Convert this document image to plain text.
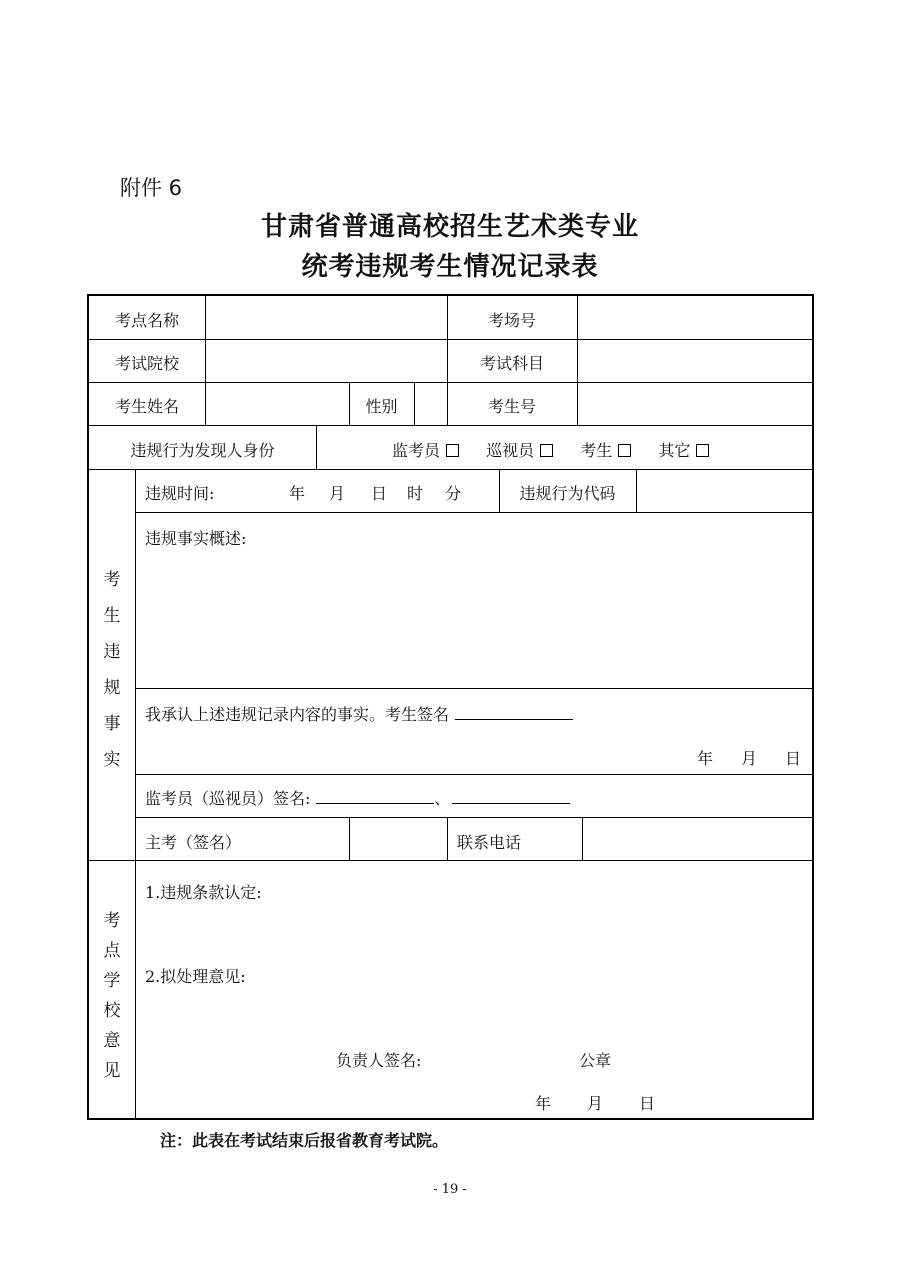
附件 6
甘肃省普通高校招生艺术类专业
统考违规考生情况记录表
考点名称	考场号
考试院校	考试科目
考生姓名	性别	考生号
违规行为发现人身份	监考员	巡视员	考生	其它
考
生
违
规
事
实
违规时间:	年 月 日 时 分	违规行为代码
违规事实概述:
我承认上述违规记录内容的事实。考生签名
年 月 日
监考员（巡视员）签名:	、
主考（签名）	联系电话
考
点
学
校
意
见
1.违规条款认定:
2.拟处理意见:
负责人签名:	公章
年 月 日
注：此表在考试结束后报省教育考试院。
- 19 -
